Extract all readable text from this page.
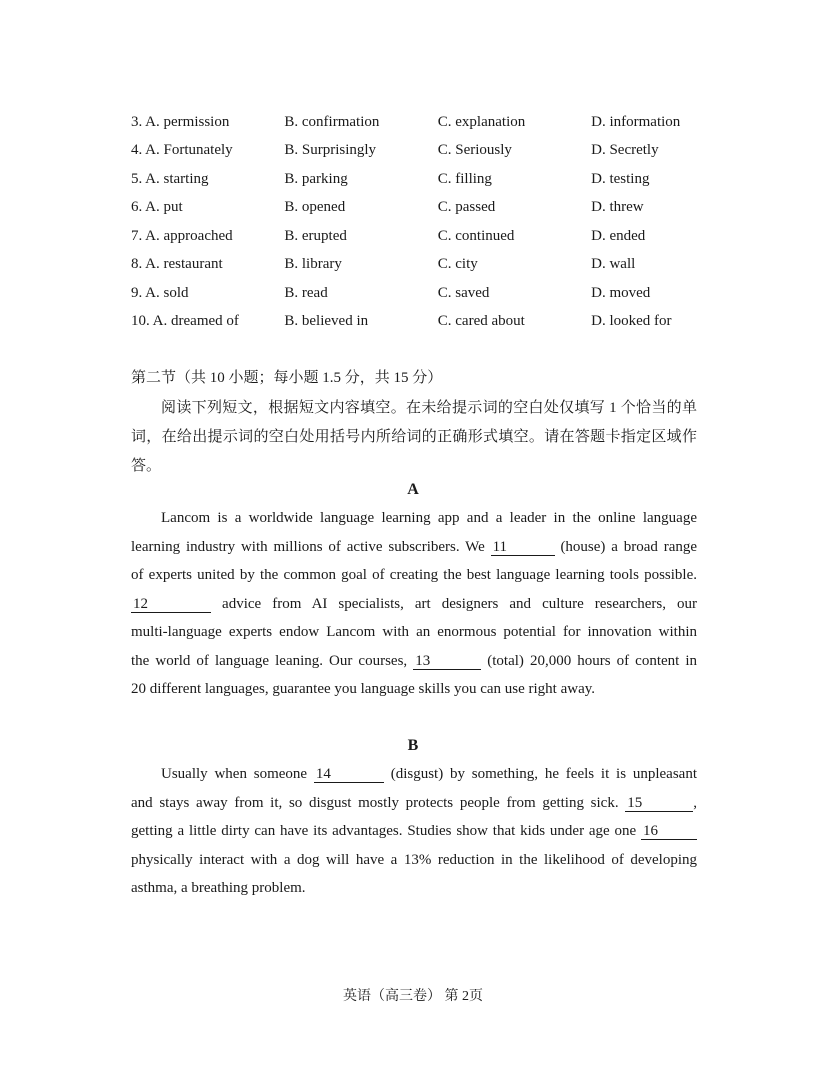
3. A. permission	B. confirmation	C. explanation	D. information
4. A. Fortunately	B. Surprisingly	C. Seriously	D. Secretly
5. A. starting	B. parking	C. filling	D. testing
6. A. put	B. opened	C. passed	D. threw
7. A. approached	B. erupted	C. continued	D. ended
8. A. restaurant	B. library	C. city	D. wall
9. A. sold	B. read	C. saved	D. moved
10. A. dreamed of	B. believed in	C. cared about	D. looked for
第二节（共 10 小题；每小题 1.5 分，共 15 分）
阅读下列短文，根据短文内容填空。在未给提示词的空白处仅填写 1 个恰当的单词，在给出提示词的空白处用括号内所给词的正确形式填空。请在答题卡指定区域作答。
A
Lancom is a worldwide language learning app and a leader in the online language
learning industry with millions of active subscribers. We 11	(house) a broad range
of experts united by the common goal of creating the best language learning tools possible.
12	advice from AI specialists, art designers and culture researchers, our
multi-language experts endow Lancom with an enormous potential for innovation within
the world of language leaning. Our courses, 13	(total) 20,000 hours of content in
20 different languages, guarantee you language skills you can use right away.
B
Usually when someone 14	(disgust) by something, he feels it is unpleasant
and stays away from it, so disgust mostly protects people from getting sick. 15	,
getting a little dirty can have its advantages. Studies show that kids under age one 16
physically interact with a dog will have a 13% reduction in the likelihood of developing
asthma, a breathing problem.
英语（高三卷） 第 2页
